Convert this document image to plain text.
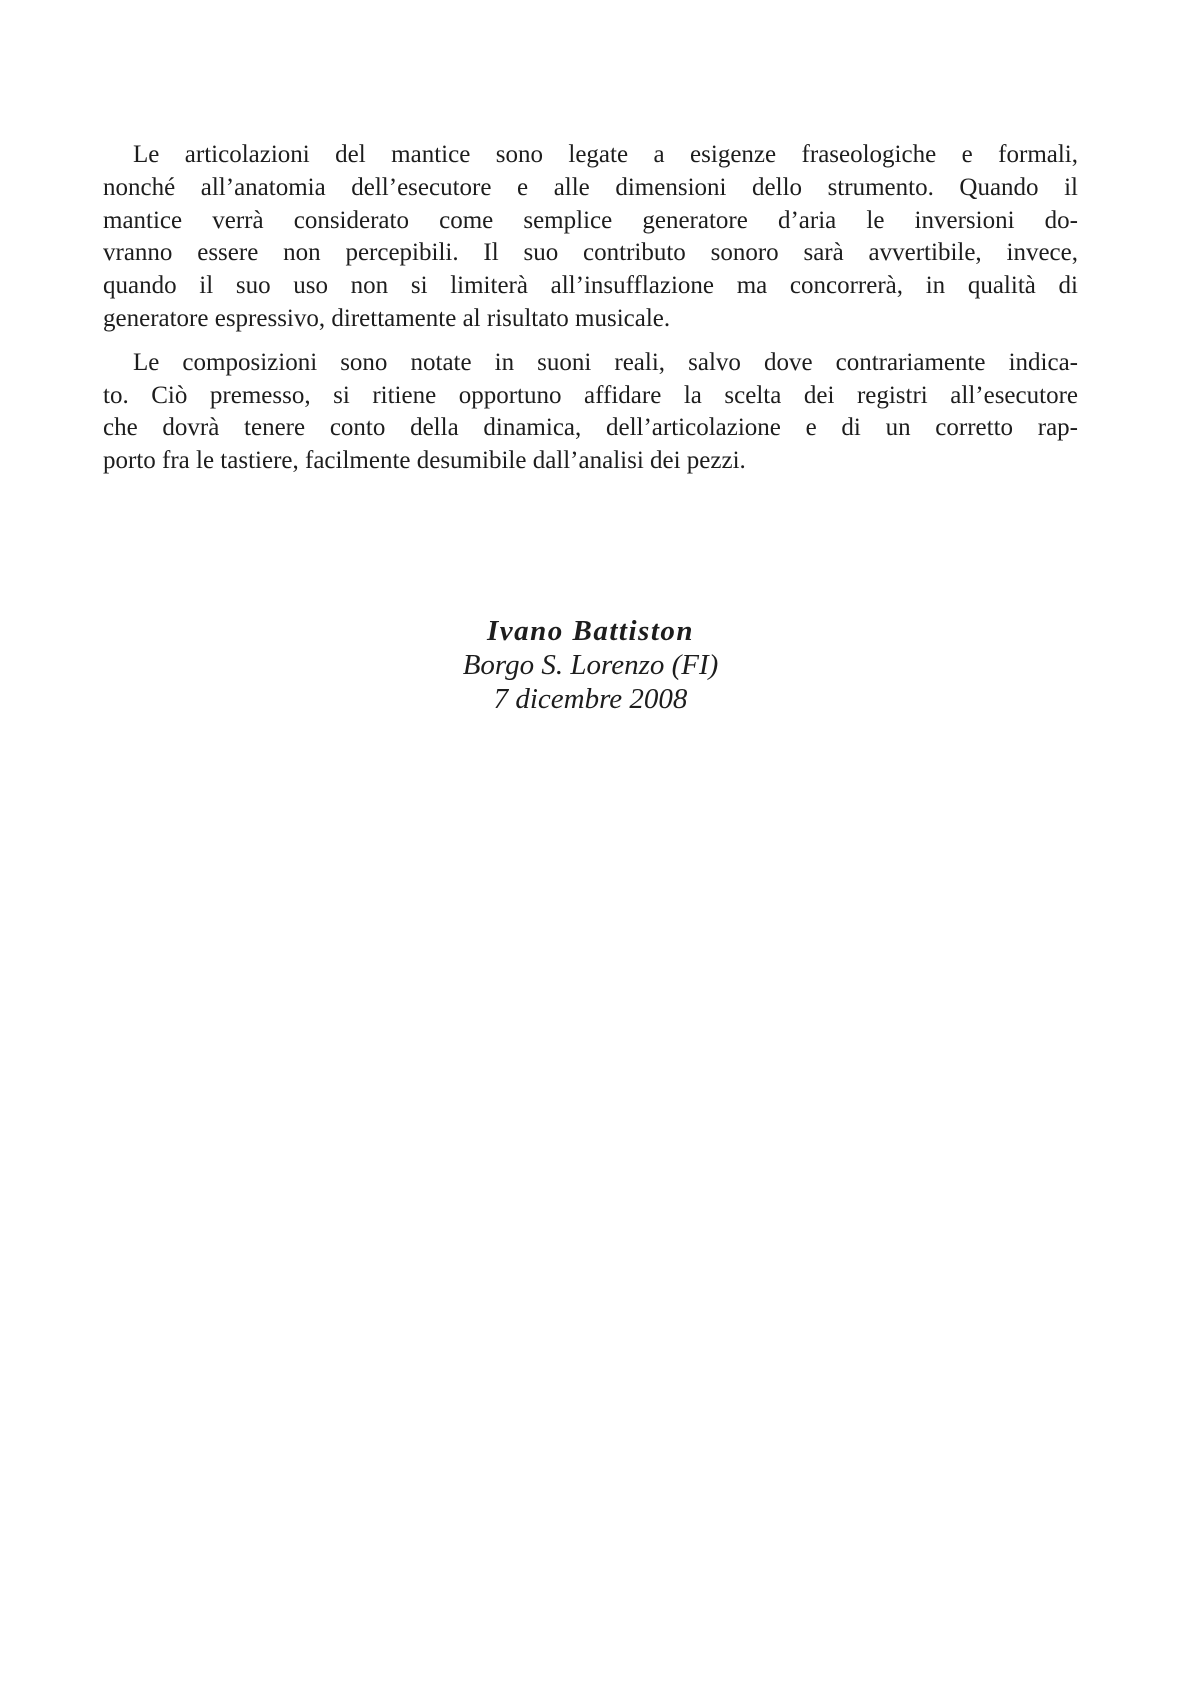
Le articolazioni del mantice sono legate a esigenze fraseologiche e formali,
nonché all’anatomia dell’esecutore e alle dimensioni dello strumento. Quando il
mantice verrà considerato come semplice generatore d’aria le inversioni do-
vranno essere non percepibili. Il suo contributo sonoro sarà avvertibile, invece,
quando il suo uso non si limiterà all’insufflazione ma concorrerà, in qualità di
generatore espressivo, direttamente al risultato musicale.
Le composizioni sono notate in suoni reali, salvo dove contrariamente indica-
to. Ciò premesso, si ritiene opportuno affidare la scelta dei registri all’esecutore
che dovrà tenere conto della dinamica, dell’articolazione e di un corretto rap-
porto fra le tastiere, facilmente desumibile dall’analisi dei pezzi.
Ivano Battiston
Borgo S. Lorenzo (FI)
7 dicembre 2008
